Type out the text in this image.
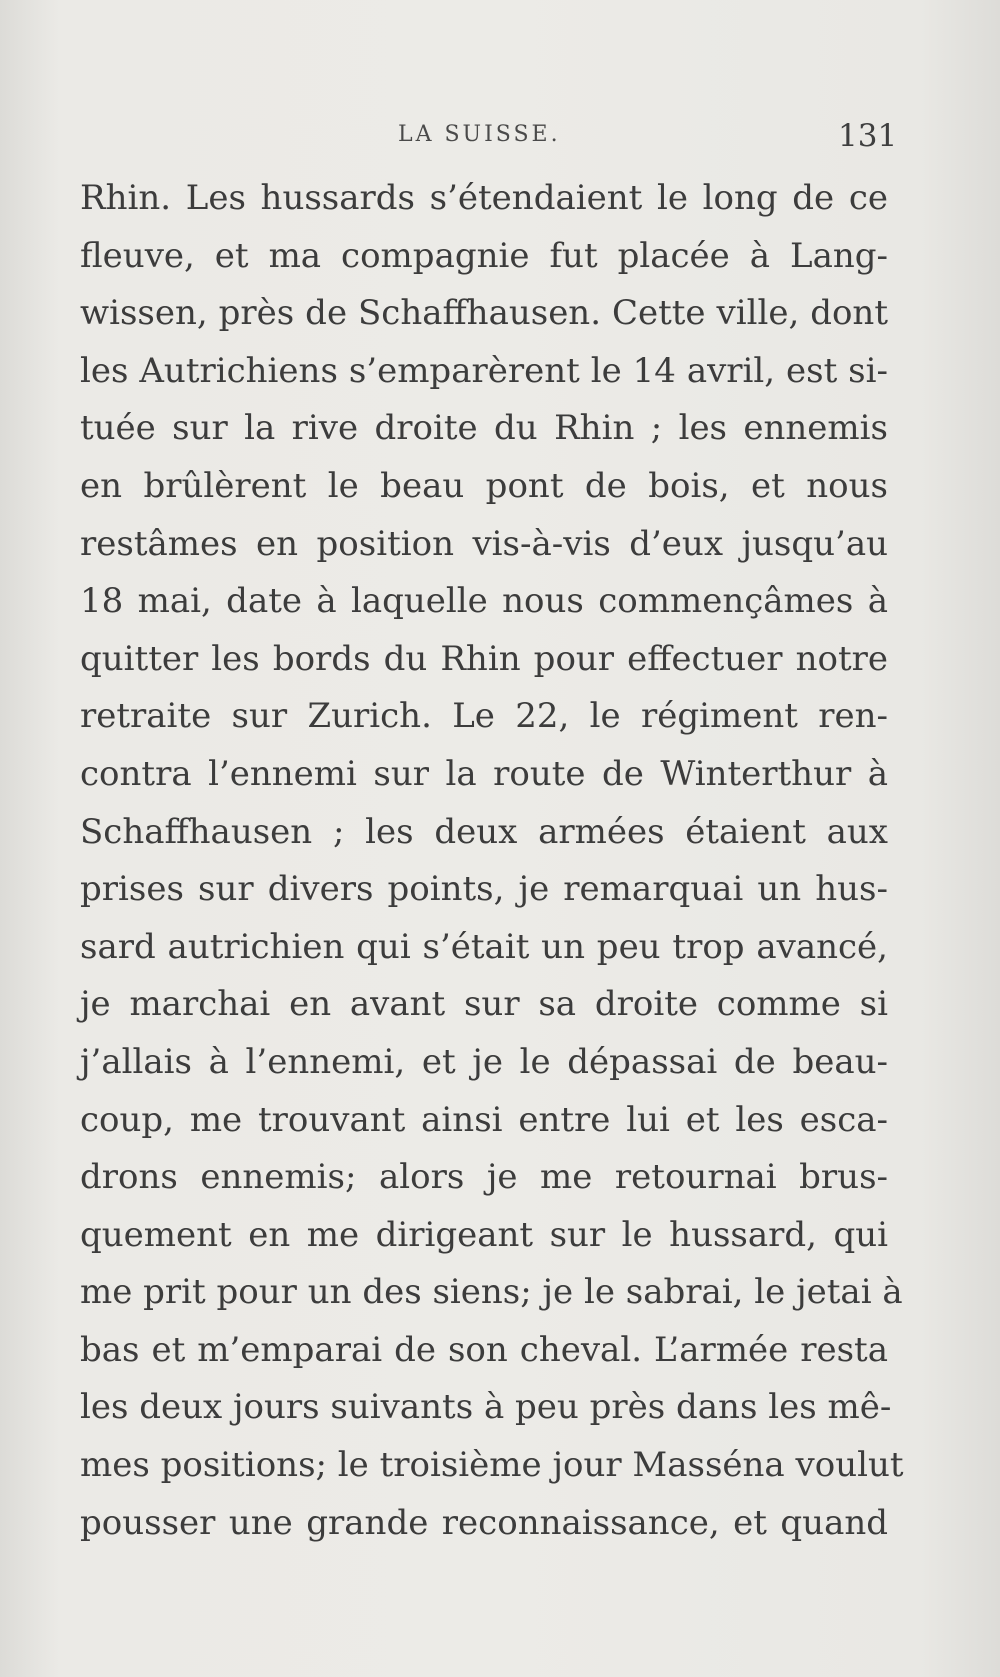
LA SUISSE.	131
Rhin. Les hussards s’étendaient le long de ce
fleuve, et ma compagnie fut placée à Lang-
wissen, près de Schaffhausen. Cette ville, dont
les Autrichiens s’emparèrent le 14 avril, est si-
tuée sur la rive droite du Rhin ; les ennemis
en brûlèrent le beau pont de bois, et nous
restâmes en position vis-à-vis d’eux jusqu’au
18 mai, date à laquelle nous commençâmes à
quitter les bords du Rhin pour effectuer notre
retraite sur Zurich. Le 22, le régiment ren-
contra l’ennemi sur la route de Winterthur à
Schaffhausen ; les deux armées étaient aux
prises sur divers points, je remarquai un hus-
sard autrichien qui s’était un peu trop avancé,
je marchai en avant sur sa droite comme si
j’allais à l’ennemi, et je le dépassai de beau-
coup, me trouvant ainsi entre lui et les esca-
drons ennemis; alors je me retournai brus-
quement en me dirigeant sur le hussard, qui
me prit pour un des siens; je le sabrai, le jetai à
bas et m’emparai de son cheval. L’armée resta
les deux jours suivants à peu près dans les mê-
mes positions; le troisième jour Masséna voulut
pousser une grande reconnaissance, et quand
